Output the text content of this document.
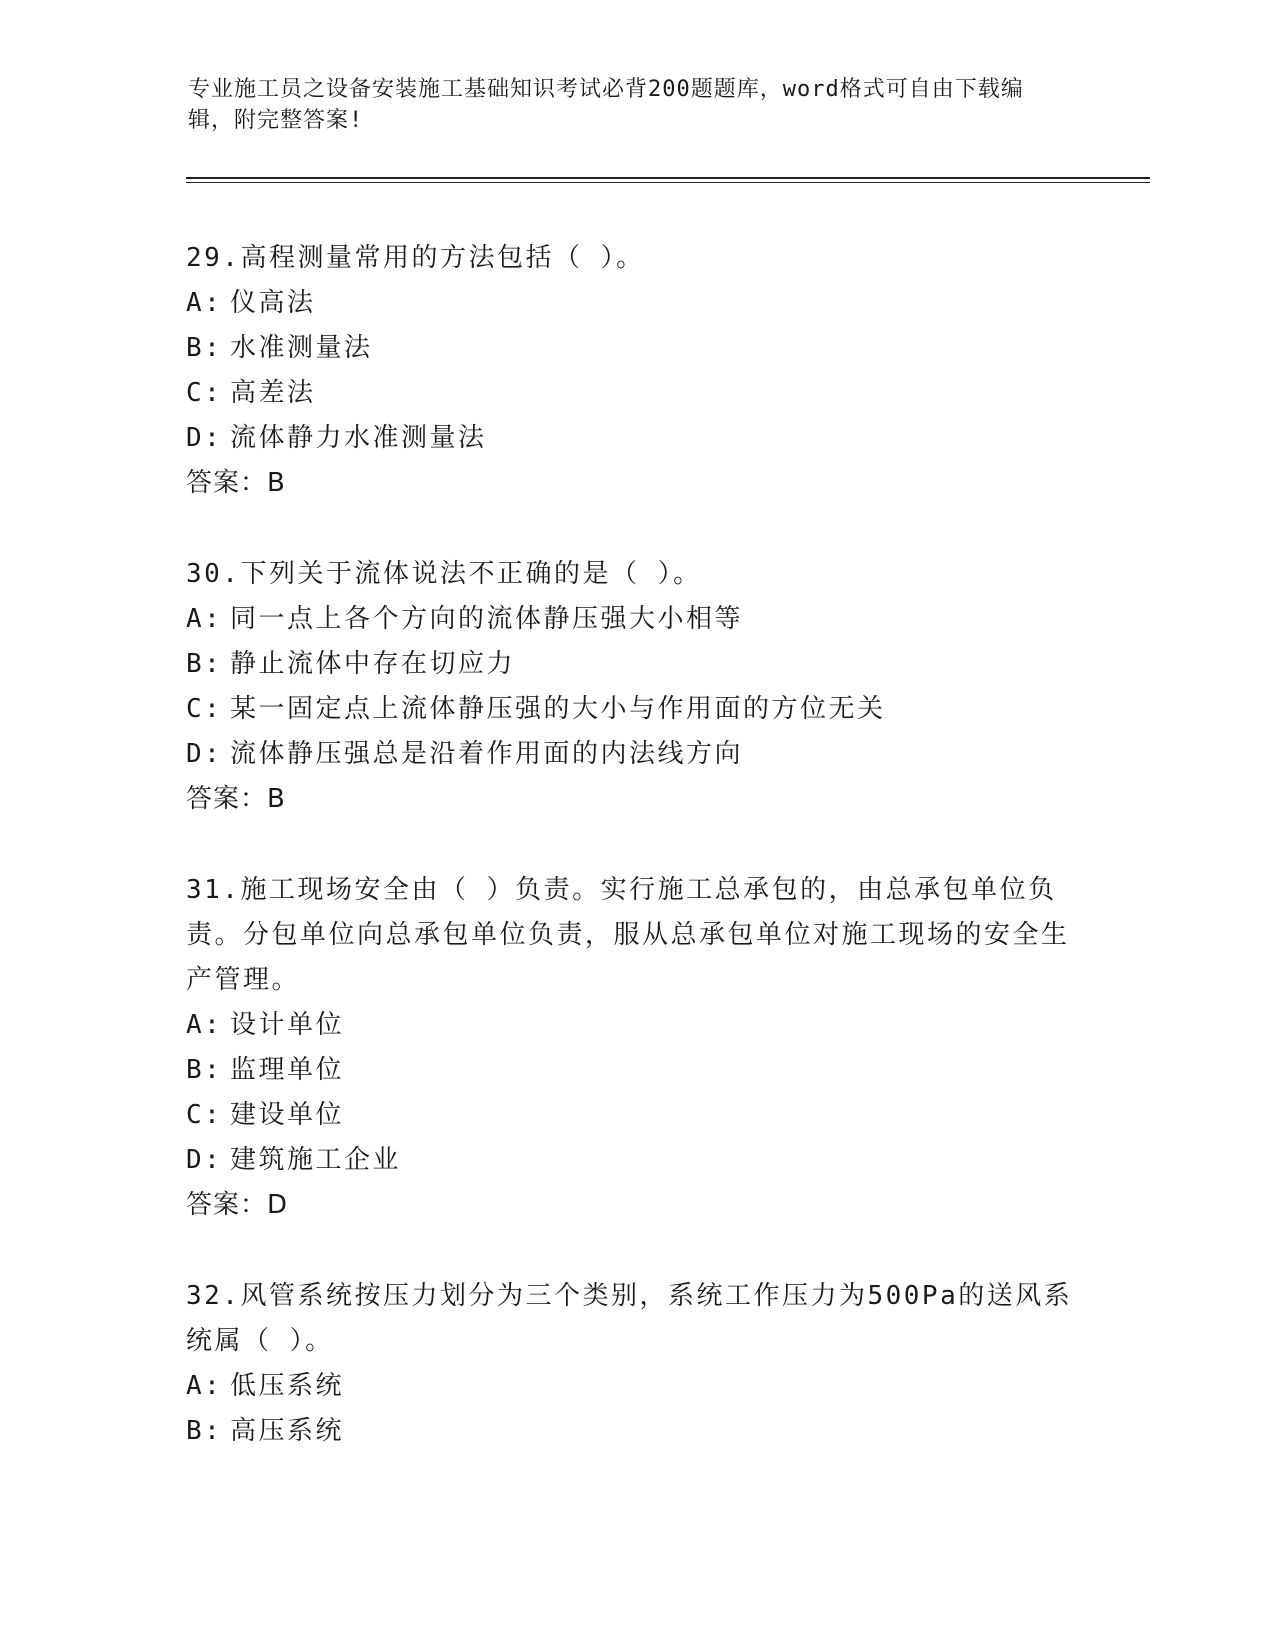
专业施工员之设备安装施工基础知识考试必背200题题库，word格式可自由下载编辑，附完整答案!
29.高程测量常用的方法包括（ ）。
A: 仪高法
B: 水准测量法
C: 高差法
D: 流体静力水准测量法
答案：B
30.下列关于流体说法不正确的是（ ）。
A: 同一点上各个方向的流体静压强大小相等
B: 静止流体中存在切应力
C: 某一固定点上流体静压强的大小与作用面的方位无关
D: 流体静压强总是沿着作用面的内法线方向
答案：B
31.施工现场安全由（ ）负责。实行施工总承包的，由总承包单位负责。分包单位向总承包单位负责，服从总承包单位对施工现场的安全生产管理。
A: 设计单位
B: 监理单位
C: 建设单位
D: 建筑施工企业
答案：D
32.风管系统按压力划分为三个类别，系统工作压力为500Pa的送风系统属（ ）。
A: 低压系统
B: 高压系统
